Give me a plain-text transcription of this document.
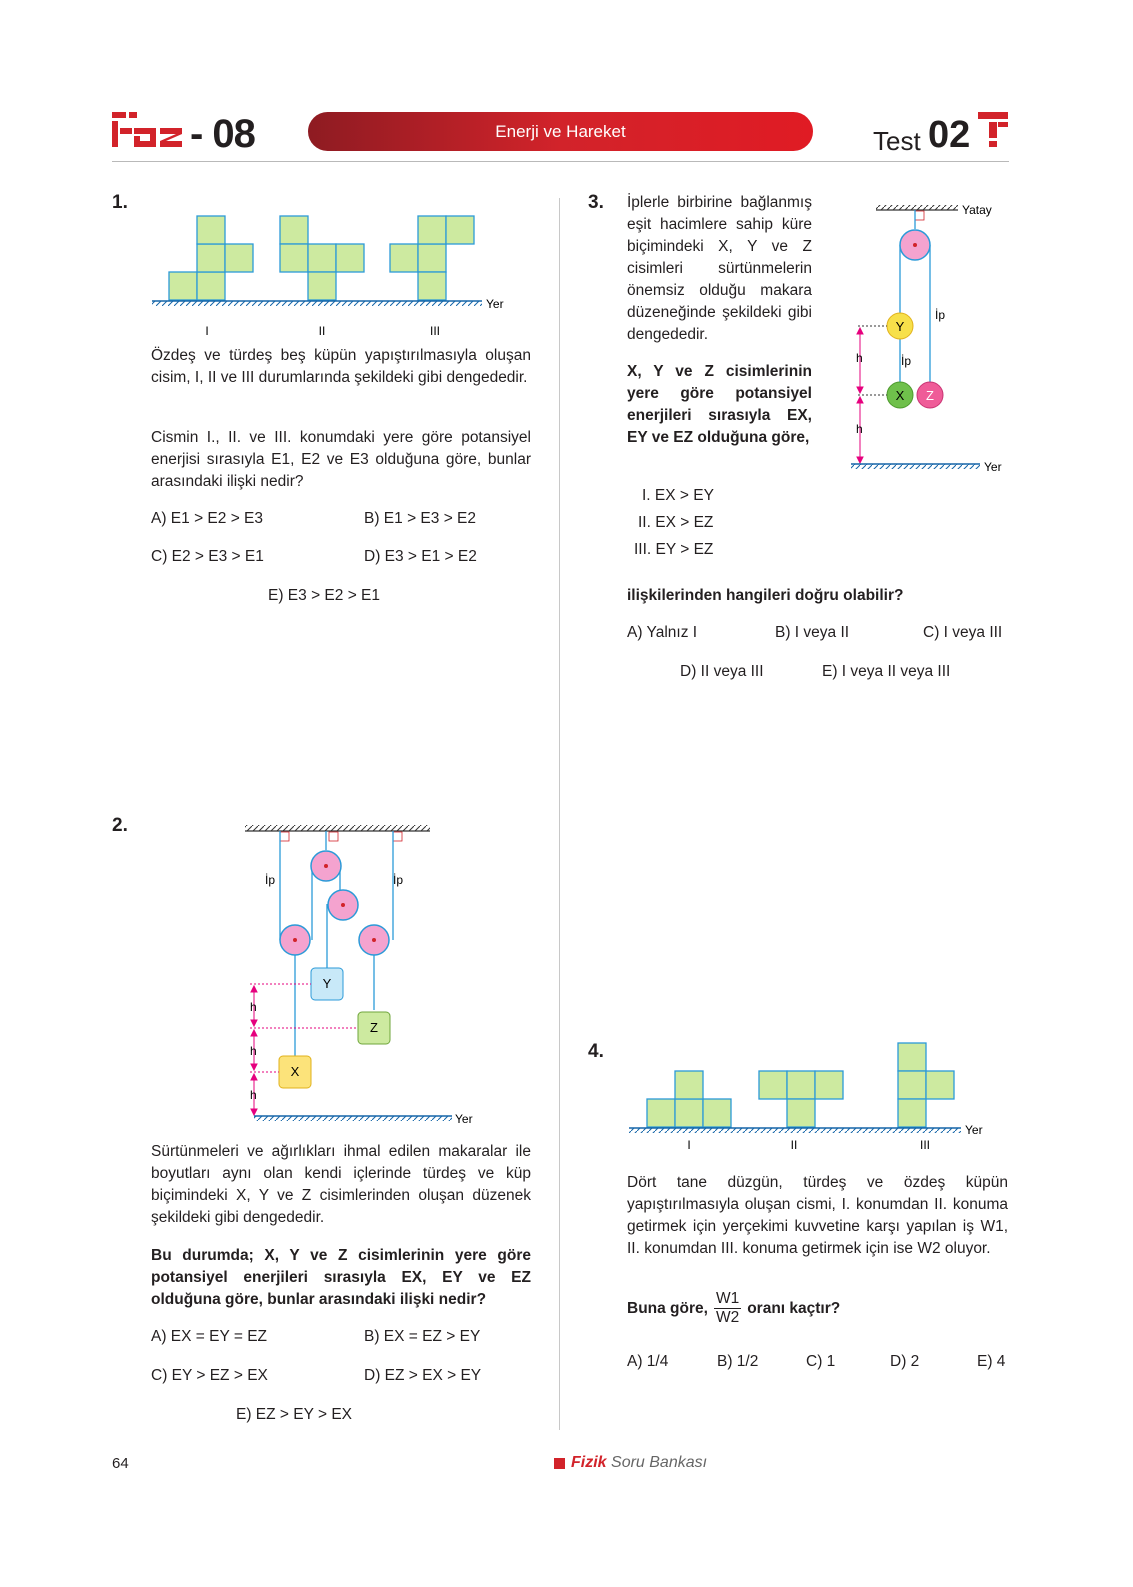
- 08	Enerji ve Hareket	Test 02
1.
Yer
I	II	III
Özdeş ve türdeş beş küpün yapıştırılmasıyla oluşan cisim, I, II ve III durumlarında şekildeki gibi dengededir.
Cismin I., II. ve III. konumdaki yere göre potansiyel enerjisi sırasıyla E1, E2 ve E3 olduğuna göre, bunlar arasındaki ilişki nedir?
A) E1 > E2 > E3	B) E1 > E3 > E2
C) E2 > E3 > E1	D) E3 > E1 > E2
E) E3 > E2 > E1
2.
İp	İp
Y
Z
X
h
h
h
Yer
Sürtünmeleri ve ağırlıkları ihmal edilen makaralar ile boyutları aynı olan kendi içlerinde türdeş ve küp biçimindeki X, Y ve Z cisimlerinden oluşan düzenek şekildeki gibi dengededir.
Bu durumda; X, Y ve Z cisimlerinin yere göre potansiyel enerjileri sırasıyla EX, EY ve EZ olduğuna göre, bunlar arasındaki ilişki nedir?
A) EX = EY = EZ	B) EX = EZ > EY
C) EY > EZ > EX	D) EZ > EX > EY
E) EZ > EY > EX
3. İplerle birbirine bağlanmış eşit hacimlere sahip küre biçimindeki X, Y ve Z cisimleri sürtünmelerin önemsiz olduğu makara düzeneğinde şekildeki gibi dengededir.
X, Y ve Z cisimlerinin yere göre potansiyel enerjileri sırasıyla EX, EY ve EZ olduğuna göre,
Yatay
İp
İp
Y
X Z
h
h
Yer
I. EX > EY
II. EX > EZ
III. EY > EZ
ilişkilerinden hangileri doğru olabilir?
A) Yalnız I	B) I veya II	C) I veya III
D) II veya III	E) I veya II veya III
4.
Yer
I	II	III
Dört tane düzgün, türdeş ve özdeş küpün yapıştırılmasıyla oluşan cismi, I. konumdan II. konuma getirmek için yerçekimi kuvvetine karşı yapılan iş W1, II. konumdan III. konuma getirmek için ise W2 oluyor.
Buna göre, $\frac{W1}{W2}$ oranı kaçtır?
A) 1/4	B) 1/2	C) 1	D) 2	E) 4
64	Fizik Soru Bankası
